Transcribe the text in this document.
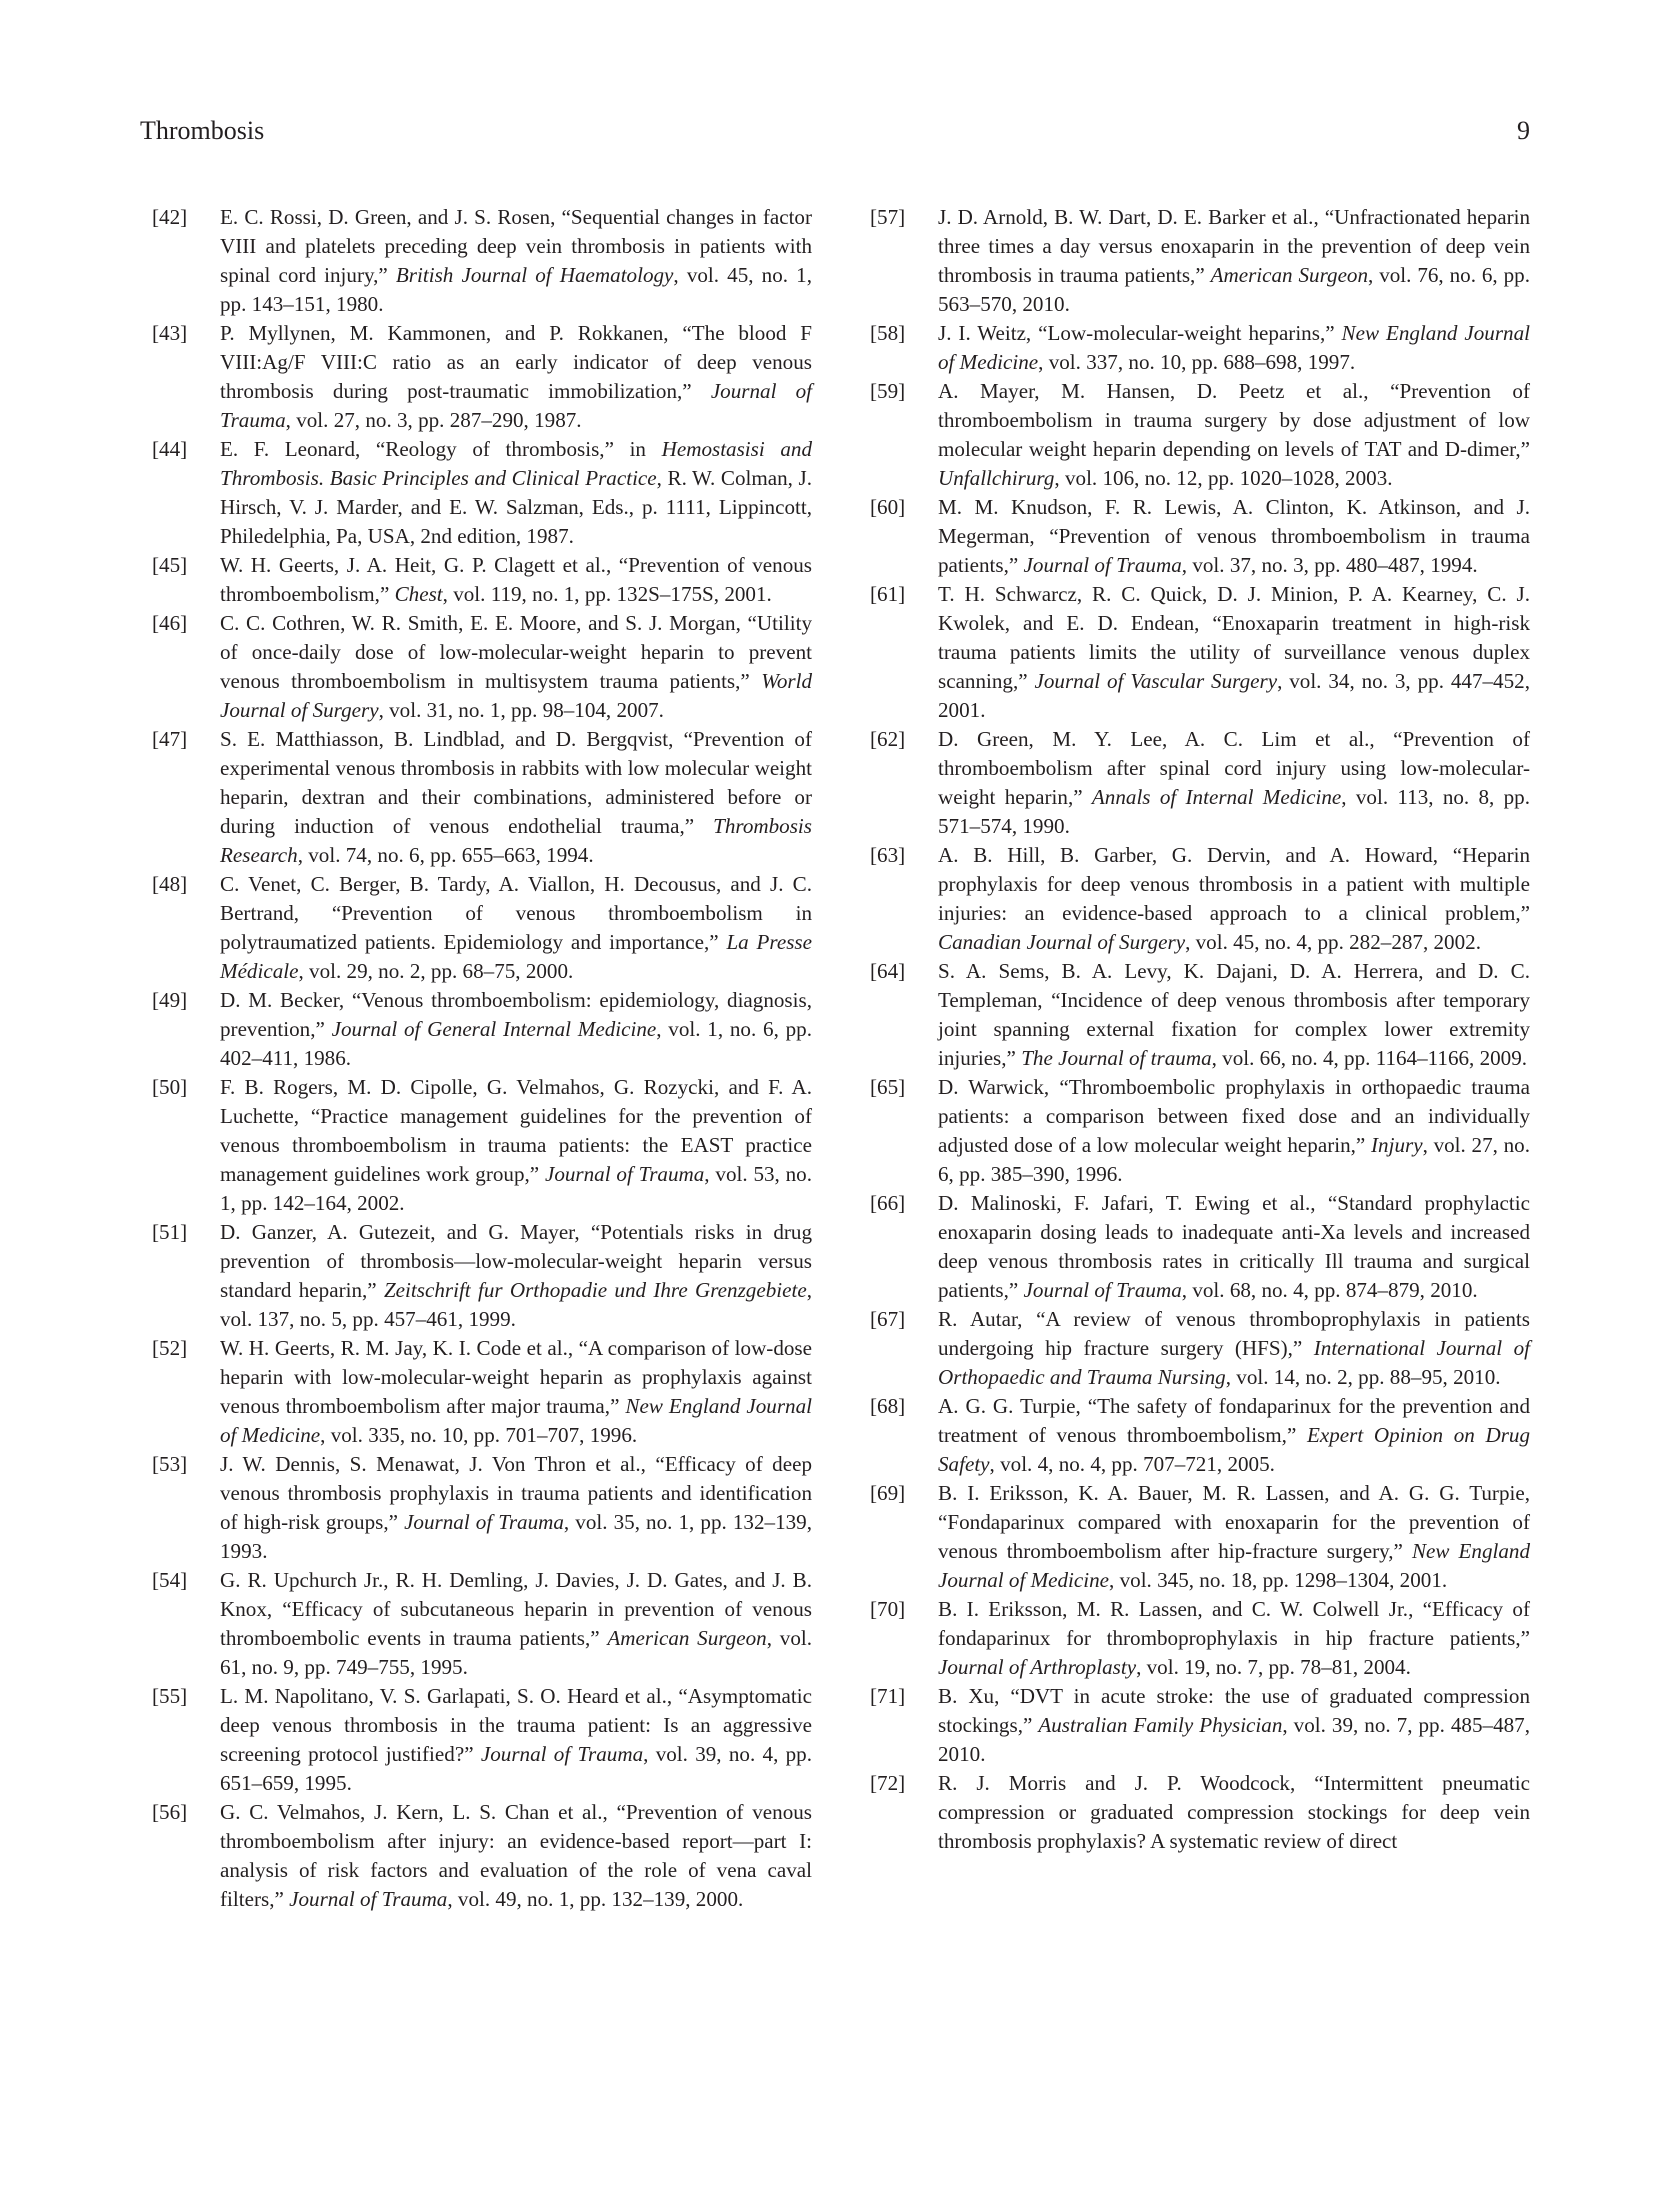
Thrombosis	9

[42]	E. C. Rossi, D. Green, and J. S. Rosen, “Sequential changes in factor VIII and platelets preceding deep vein thrombosis in patients with spinal cord injury,” British Journal of Haematology, vol. 45, no. 1, pp. 143–151, 1980.

[43]	P. Myllynen, M. Kammonen, and P. Rokkanen, “The blood F VIII:Ag/F VIII:C ratio as an early indicator of deep venous thrombosis during post-traumatic immobilization,” Journal of Trauma, vol. 27, no. 3, pp. 287–290, 1987.

[44]	E. F. Leonard, “Reology of thrombosis,” in Hemostasisi and Thrombosis. Basic Principles and Clinical Practice, R. W. Colman, J. Hirsch, V. J. Marder, and E. W. Salzman, Eds., p. 1111, Lippincott, Philedelphia, Pa, USA, 2nd edition, 1987.

[45]	W. H. Geerts, J. A. Heit, G. P. Clagett et al., “Prevention of venous thromboembolism,” Chest, vol. 119, no. 1, pp. 132S–175S, 2001.

[46]	C. C. Cothren, W. R. Smith, E. E. Moore, and S. J. Morgan, “Utility of once-daily dose of low-molecular-weight heparin to prevent venous thromboembolism in multisystem trauma patients,” World Journal of Surgery, vol. 31, no. 1, pp. 98–104, 2007.

[47]	S. E. Matthiasson, B. Lindblad, and D. Bergqvist, “Prevention of experimental venous thrombosis in rabbits with low molecular weight heparin, dextran and their combinations, administered before or during induction of venous endothelial trauma,” Thrombosis Research, vol. 74, no. 6, pp. 655–663, 1994.

[48]	C. Venet, C. Berger, B. Tardy, A. Viallon, H. Decousus, and J. C. Bertrand, “Prevention of venous thromboembolism in polytraumatized patients. Epidemiology and importance,” La Presse Médicale, vol. 29, no. 2, pp. 68–75, 2000.

[49]	D. M. Becker, “Venous thromboembolism: epidemiology, diagnosis, prevention,” Journal of General Internal Medicine, vol. 1, no. 6, pp. 402–411, 1986.

[50]	F. B. Rogers, M. D. Cipolle, G. Velmahos, G. Rozycki, and F. A. Luchette, “Practice management guidelines for the prevention of venous thromboembolism in trauma patients: the EAST practice management guidelines work group,” Journal of Trauma, vol. 53, no. 1, pp. 142–164, 2002.

[51]	D. Ganzer, A. Gutezeit, and G. Mayer, “Potentials risks in drug prevention of thrombosis—low-molecular-weight heparin versus standard heparin,” Zeitschrift fur Orthopadie und Ihre Grenzgebiete, vol. 137, no. 5, pp. 457–461, 1999.

[52]	W. H. Geerts, R. M. Jay, K. I. Code et al., “A comparison of low-dose heparin with low-molecular-weight heparin as prophylaxis against venous thromboembolism after major trauma,” New England Journal of Medicine, vol. 335, no. 10, pp. 701–707, 1996.

[53]	J. W. Dennis, S. Menawat, J. Von Thron et al., “Efficacy of deep venous thrombosis prophylaxis in trauma patients and identification of high-risk groups,” Journal of Trauma, vol. 35, no. 1, pp. 132–139, 1993.

[54]	G. R. Upchurch Jr., R. H. Demling, J. Davies, J. D. Gates, and J. B. Knox, “Efficacy of subcutaneous heparin in prevention of venous thromboembolic events in trauma patients,” American Surgeon, vol. 61, no. 9, pp. 749–755, 1995.

[55]	L. M. Napolitano, V. S. Garlapati, S. O. Heard et al., “Asymptomatic deep venous thrombosis in the trauma patient: Is an aggressive screening protocol justified?” Journal of Trauma, vol. 39, no. 4, pp. 651–659, 1995.

[56]	G. C. Velmahos, J. Kern, L. S. Chan et al., “Prevention of venous thromboembolism after injury: an evidence-based report—part I: analysis of risk factors and evaluation of the role of vena caval filters,” Journal of Trauma, vol. 49, no. 1, pp. 132–139, 2000.

[57]	J. D. Arnold, B. W. Dart, D. E. Barker et al., “Unfractionated heparin three times a day versus enoxaparin in the prevention of deep vein thrombosis in trauma patients,” American Surgeon, vol. 76, no. 6, pp. 563–570, 2010.

[58]	J. I. Weitz, “Low-molecular-weight heparins,” New England Journal of Medicine, vol. 337, no. 10, pp. 688–698, 1997.

[59]	A. Mayer, M. Hansen, D. Peetz et al., “Prevention of thromboembolism in trauma surgery by dose adjustment of low molecular weight heparin depending on levels of TAT and D-dimer,” Unfallchirurg, vol. 106, no. 12, pp. 1020–1028, 2003.

[60]	M. M. Knudson, F. R. Lewis, A. Clinton, K. Atkinson, and J. Megerman, “Prevention of venous thromboembolism in trauma patients,” Journal of Trauma, vol. 37, no. 3, pp. 480–487, 1994.

[61]	T. H. Schwarcz, R. C. Quick, D. J. Minion, P. A. Kearney, C. J. Kwolek, and E. D. Endean, “Enoxaparin treatment in high-risk trauma patients limits the utility of surveillance venous duplex scanning,” Journal of Vascular Surgery, vol. 34, no. 3, pp. 447–452, 2001.

[62]	D. Green, M. Y. Lee, A. C. Lim et al., “Prevention of thromboembolism after spinal cord injury using low-molecular-weight heparin,” Annals of Internal Medicine, vol. 113, no. 8, pp. 571–574, 1990.

[63]	A. B. Hill, B. Garber, G. Dervin, and A. Howard, “Heparin prophylaxis for deep venous thrombosis in a patient with multiple injuries: an evidence-based approach to a clinical problem,” Canadian Journal of Surgery, vol. 45, no. 4, pp. 282–287, 2002.

[64]	S. A. Sems, B. A. Levy, K. Dajani, D. A. Herrera, and D. C. Templeman, “Incidence of deep venous thrombosis after temporary joint spanning external fixation for complex lower extremity injuries,” The Journal of trauma, vol. 66, no. 4, pp. 1164–1166, 2009.

[65]	D. Warwick, “Thromboembolic prophylaxis in orthopaedic trauma patients: a comparison between fixed dose and an individually adjusted dose of a low molecular weight heparin,” Injury, vol. 27, no. 6, pp. 385–390, 1996.

[66]	D. Malinoski, F. Jafari, T. Ewing et al., “Standard prophylactic enoxaparin dosing leads to inadequate anti-Xa levels and increased deep venous thrombosis rates in critically Ill trauma and surgical patients,” Journal of Trauma, vol. 68, no. 4, pp. 874–879, 2010.

[67]	R. Autar, “A review of venous thromboprophylaxis in patients undergoing hip fracture surgery (HFS),” International Journal of Orthopaedic and Trauma Nursing, vol. 14, no. 2, pp. 88–95, 2010.

[68]	A. G. G. Turpie, “The safety of fondaparinux for the prevention and treatment of venous thromboembolism,” Expert Opinion on Drug Safety, vol. 4, no. 4, pp. 707–721, 2005.

[69]	B. I. Eriksson, K. A. Bauer, M. R. Lassen, and A. G. G. Turpie, “Fondaparinux compared with enoxaparin for the prevention of venous thromboembolism after hip-fracture surgery,” New England Journal of Medicine, vol. 345, no. 18, pp. 1298–1304, 2001.

[70]	B. I. Eriksson, M. R. Lassen, and C. W. Colwell Jr., “Efficacy of fondaparinux for thromboprophylaxis in hip fracture patients,” Journal of Arthroplasty, vol. 19, no. 7, pp. 78–81, 2004.

[71]	B. Xu, “DVT in acute stroke: the use of graduated compression stockings,” Australian Family Physician, vol. 39, no. 7, pp. 485–487, 2010.

[72]	R. J. Morris and J. P. Woodcock, “Intermittent pneumatic compression or graduated compression stockings for deep vein thrombosis prophylaxis? A systematic review of direct
